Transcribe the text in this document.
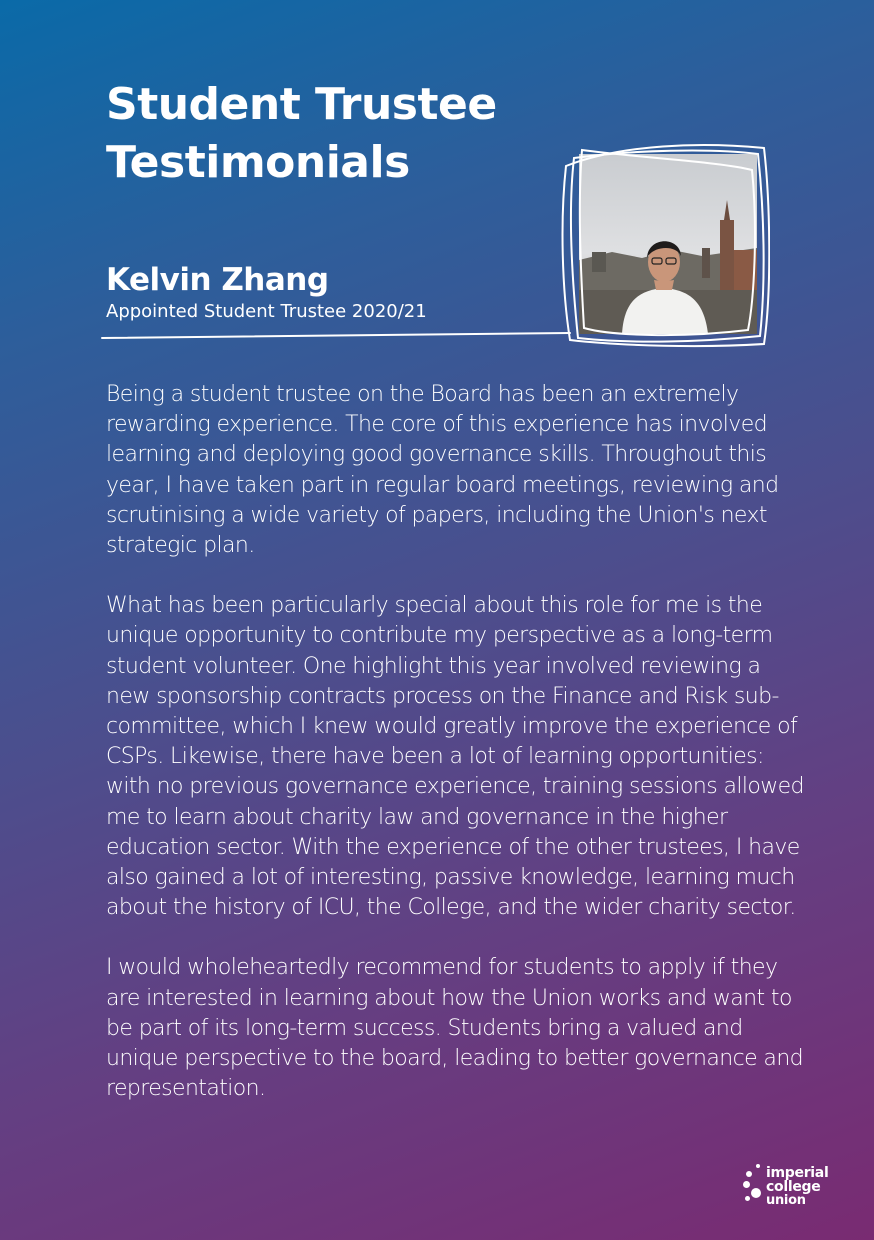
Student Trustee Testimonials
Kelvin Zhang
Appointed Student Trustee 2020/21

Being a student trustee on the Board has been an extremely rewarding experience. The core of this experience has involved learning and deploying good governance skills. Throughout this year, I have taken part in regular board meetings, reviewing and scrutinising a wide variety of papers, including the Union's next strategic plan.

What has been particularly special about this role for me is the unique opportunity to contribute my perspective as a long-term student volunteer. One highlight this year involved reviewing a new sponsorship contracts process on the Finance and Risk sub-committee, which I knew would greatly improve the experience of CSPs. Likewise, there have been a lot of learning opportunities: with no previous governance experience, training sessions allowed me to learn about charity law and governance in the higher education sector. With the experience of the other trustees, I have also gained a lot of interesting, passive knowledge, learning much about the history of ICU, the College, and the wider charity sector.

I would wholeheartedly recommend for students to apply if they are interested in learning about how the Union works and want to be part of its long-term success. Students bring a valued and unique perspective to the board, leading to better governance and representation.

imperial
college
union
